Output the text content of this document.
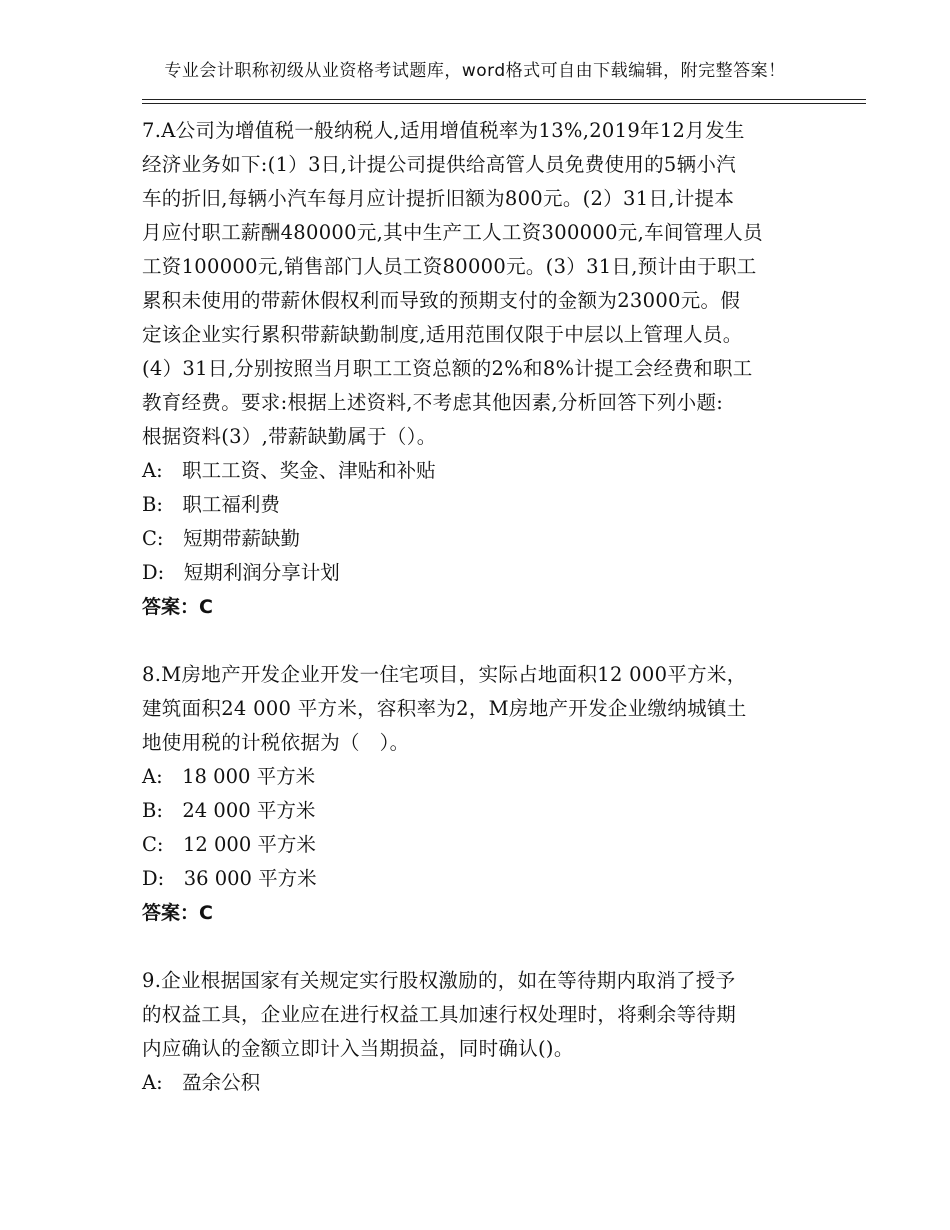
专业会计职称初级从业资格考试题库，word格式可自由下载编辑，附完整答案！

7.A公司为增值税一般纳税人,适用增值税率为13%,2019年12月发生

经济业务如下:(1）3日,计提公司提供给高管人员免费使用的5辆小汽

车的折旧,每辆小汽车每月应计提折旧额为800元。(2）31日,计提本

月应付职工薪酬480000元,其中生产工人工资300000元,车间管理人员

工资100000元,销售部门人员工资80000元。(3）31日,预计由于职工

累积未使用的带薪休假权利而导致的预期支付的金额为23000元。假

定该企业实行累积带薪缺勤制度,适用范围仅限于中层以上管理人员。

(4）31日,分别按照当月职工工资总额的2%和8%计提工会经费和职工

教育经费。要求:根据上述资料,不考虑其他因素,分析回答下列小题:

根据资料(3）,带薪缺勤属于（）。

A:　职工工资、奖金、津贴和补贴

B:　职工福利费

C:　短期带薪缺勤

D:　短期利润分享计划

答案：C

8.M房地产开发企业开发一住宅项目，实际占地面积12 000平方米，

建筑面积24 000 平方米，容积率为2，M房地产开发企业缴纳城镇土

地使用税的计税依据为（　）。

A:　18 000 平方米

B:　24 000 平方米

C:　12 000 平方米

D:　36 000 平方米

答案：C

9.企业根据国家有关规定实行股权激励的，如在等待期内取消了授予

的权益工具，企业应在进行权益工具加速行权处理时，将剩余等待期

内应确认的金额立即计入当期损益，同时确认()。

A:　盈余公积
